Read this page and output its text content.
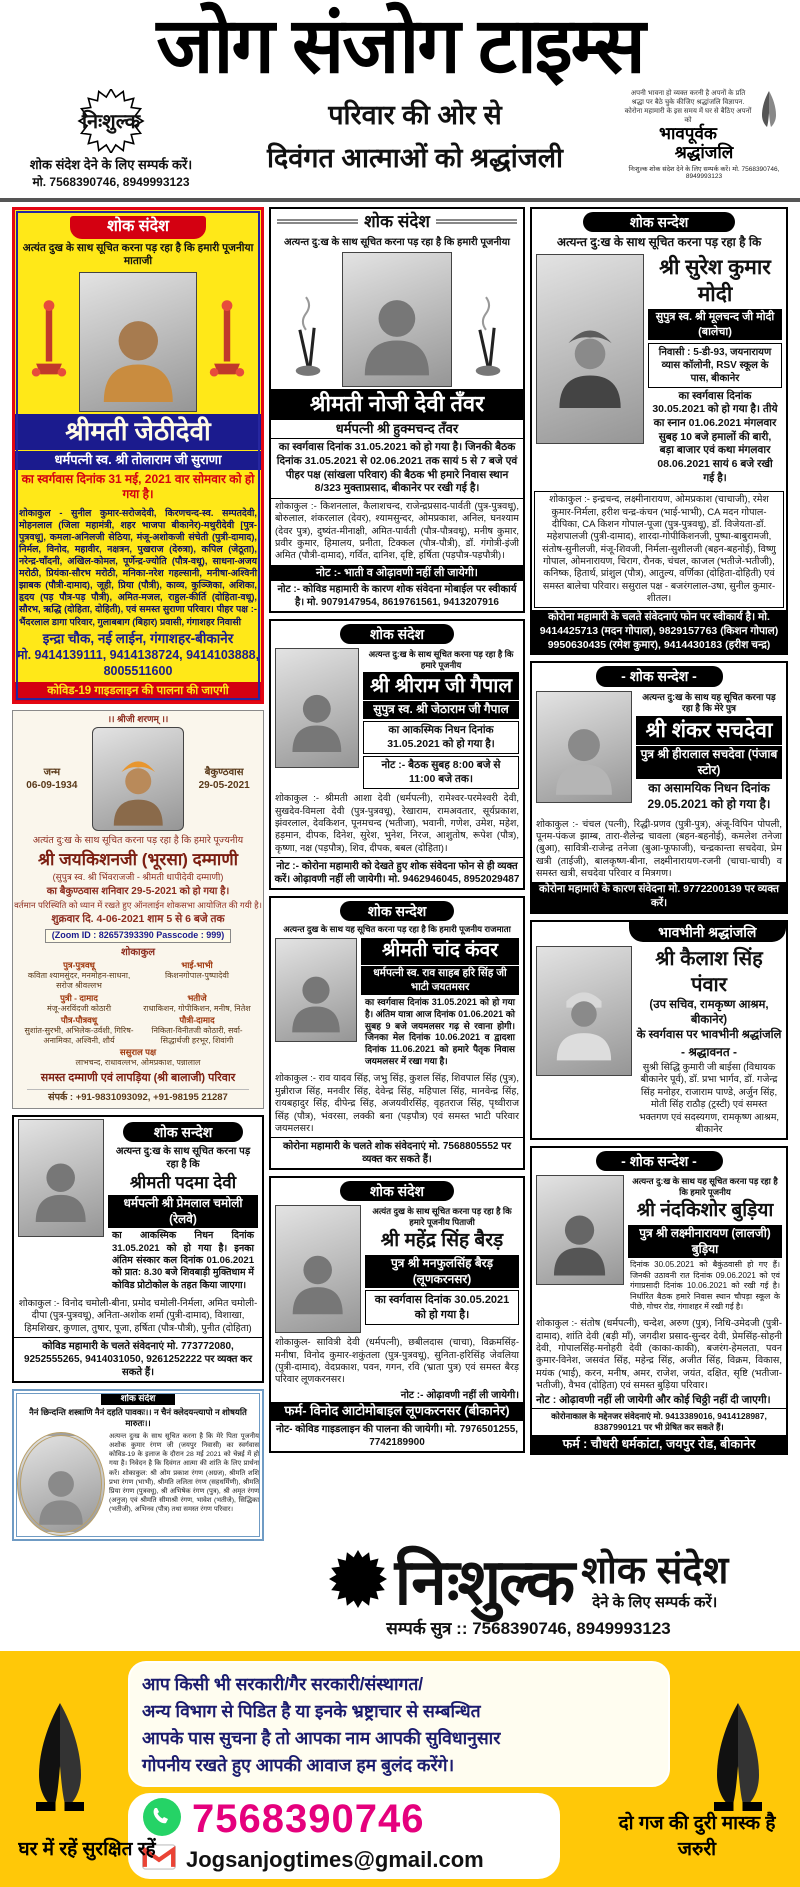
जोग संजोग टाइम्स
निःशुल्क
शोक संदेश देने के लिए सम्पर्क करें।
मो. 7568390746, 8949993123
परिवार की ओर से
दिवंगत आत्माओं को श्रद्धांजली
अपनी भावना हो व्यक्त करनी है अपनों के प्रति श्रद्धा पर बैठे चुके कीजिए श्रद्धांजलि विज्ञापन. कोरोना महामारी के इस समय में घर से बैठिए अपनों को
भावपूर्वक
श्रद्धांजलि
निःशुल्क शोक संदेश देने के लिए सम्पर्क करें। मो. 7568390746, 8949993123
शोक संदेश
अत्यंत दुख के साथ सूचित करना पड़ रहा है कि हमारी पूजनीया माताजी
श्रीमती जेठीदेवी
धर्मपत्नी स्व. श्री तोलाराम जी सुराणा
का स्वर्गवास दिनांक 31 मई, 2021 वार सोमवार को हो गया है।
शोकाकुल - सुनील कुमार-सरोजदेवी, किरणचन्द-स्व. सम्पतदेवी, मोहनलाल (जिला महामंत्री, शहर भाजपा बीकानेर)-मथुरीदेवी [पुत्र-पुत्रवधू], कमला-अनिलजी सेठिया, मंजू-अशोकजी संचेती (पुत्री-दामाद), निर्मल, विनोद, महावीर, नक्षत्रन, पुखराज (देरुत्रा), कपिल (जेठूता), नरेन्द्र-चाँदनी, अखिल-कोमल, पूर्णेन्द्र-ज्योति (पौत्र-वधू), साधना-अजय मरोठी, प्रियंका-सौरभ मरोठी, मनिका-नरेश गहल्सानी, मनीषा-अश्विनी झाबक (पौत्री-दामाद), जूही, प्रिया (पौत्री), काव्य, कुञ्जिका, अशिका, हृदय (पड़ पौत्र-पड़ पौत्री), अमित-मजल, राहुल-कीर्ति (दोहिता-वधू), सौरभ, ऋद्धि (दोहिता, दोहिती), एवं समस्त सुराणा परिवार। पीहर पक्ष :- भैंदरलाल डागा परिवार, गुलाबबाग (बिहार) प्रवासी, गंगाशहर निवासी
इन्द्रा चौक, नई लाईन, गंगाशहर-बीकानेर
मो. 9414139111, 9414138724, 9414103888, 8005511600
कोविड-19 गाइडलाइन की पालना की जाएगी
।। श्रीजी शरणम् ।।
जन्म
06-09-1934
बैकुण्ठवास
29-05-2021
अत्यंत दु:ख के साथ सूचित करना पड़ रहा है कि हमारे पूज्यनीय
श्री जयकिशनजी (भूरसा) दम्माणी
(सुपुत्र स्व. श्री भिंवराजजी - श्रीमती धापीदेवी दम्माणी)
का बैकुण्ठवास शनिवार 29-5-2021 को हो गया है।
वर्तमान परिस्थिति को ध्यान में रखते हुए ऑनलाईन शोकसभा आयोजित की गयी है।
शुक्रवार दि. 4-06-2021 शाम 5 से 6 बजे तक
(Zoom ID : 82657393390 Passcode : 999)
शोकाकुल
पुत्र-पुत्रवधू
कविता श्यामसुंदर, मनमोहन-साधना, सरोज श्रीवल्लभ
भाई-भाभी
किशनगोपाल-पुष्पादेवी
पुत्री - दामाद
मंजू-अरविंदजी कोठारी
भतीजे
राधाकिशन, गोपीकिशन, मनीष, नितेश
पौत्र-पौत्रवधू
सुशांत-सुरभी, अभिलेक-उर्वशी, गिरिष-अनामिका, अश्विनी, शौर्य
पौत्री-दामाद
निकिता-विनीतजी कोठारी, सर्वा-सिद्धार्थजी हरभूर, शिवांगी
ससुराल पक्ष
लाभचन्द, राधावल्लभ, ओमप्रकाश, पन्नालाल
समस्त दम्माणी एवं लापड़िया (श्री बालाजी) परिवार
संपर्क : +91-9831093092, +91-98195 21287
शोक सन्देश
अत्यन्त दु:ख के साथ सूचित करना पड़ रहा है कि
श्रीमती पदमा देवी
धर्मपत्नी श्री प्रेमलाल चमोली (रेलवे)
का आकस्मिक निधन दिनांक 31.05.2021 को हो गया है। इनका अंतिम संस्कार कल दिनांक 01.06.2021 को प्रात: 8.30 बजे शिवबाड़ी मुक्तिधाम में कोविड प्रोटोकोल के तहत किया जाएगा।
शोकाकुल :- विनोद चमोली-बीना, प्रमोद चमोली-निर्मला, अमित चमोली-दीपा (पुत्र-पुत्रवधू), अनिता-अशोक शर्मा (पुत्री-दामाद), विशाखा, हिमशिखर, कुणाल, तुषार, पूजा, हर्षिता (पौत्र-पौत्री), पुनीत (दोहिता)
कोविड महामारी के चलते संवेदनाएं मो. 773772080, 9252555265, 9414031050, 9261252222 पर व्यक्त कर सकते हैं।
शोक संदेश
नैनं छिन्दन्ति शस्त्राणि नैनं दहति पावकः।। न चैनं क्लेदयन्त्यापो न शोषयति मारुतः।।
अत्यन्त दुःख के साथ सूचित करना है कि मेरे पिता पूजनीय अशोक कुमार रंगण जी (जयपुर निवासी) का स्वर्गवास कोविड-19 के इलाज के दौरान 28 मई 2021 को चेन्नई में हो गया है। निवेदन है कि दिवंगत आत्मा की शांति के लिए प्रार्थना करें। शोकाकुल: श्री ओम प्रकाश रंगण (अग्रज), श्रीमति शशि प्रभा रंगण (भाभी), श्रीमति ललिता रंगण (सहधर्मिणी), श्रीमति प्रिया रंगण (पुत्रवधू), श्री अभिषेक रंगण (पुत्र), श्री अमृत रंगण (अनुज) एवं श्रीमति सीमाश्री रंगण, भावेश (भतीजे), सिद्धिका (भतीजी), अभिनव (पौत्र) तथा समस्त रंगण परिवार।
शोक संदेश
अत्यन्त दु:ख के साथ सूचित करना पड़ रहा है कि हमारी पूजनीया
श्रीमती नोजी देवी तँवर
धर्मपत्नी श्री हुक्मचन्द तँवर
का स्वर्गवास दिनांक 31.05.2021 को हो गया है। जिनकी बैठक दिनांक 31.05.2021 से 02.06.2021 तक सायं 5 से 7 बजे एवं पीहर पक्ष (सांखला परिवार) की बैठक भी हमारे निवास स्थान 8/323 मुक्ताप्रसाद, बीकानेर पर रखी गई है।
शोकाकुल :- किशनलाल, कैलाशचन्द, राजेन्द्रप्रसाद-पार्वती (पुत्र-पुत्रवधू), बोरुलाल, शंकरलाल (देवर), श्यामसुन्दर, ओमप्रकाश, अनिल, घनश्याम (देवर पुत्र), दुष्यंत-मीनाक्षी, अमित-पार्वती (पौत्र-पौत्रवधू), मनीष कुमार, प्रवीर कुमार, हिमालय, प्रनीता, टिक्कल (पौत्र-पौत्री), डॉ. गंगोत्री-इंजी अमित (पौत्री-दामाद), गर्वित, दानिश, दृष्टि, हर्षिता (पड़पौत्र-पड़पौत्री)।
नोट :- भाती व ओढ़ावणी नहीं ली जायेगी।
नोट :- कोविड महामारी के कारण शोक संवेदना मोबाईल पर स्वीकार्य है। मो. 9079147954, 8619761561, 9413207916
शोक संदेश
अत्यन्त दु:ख के साथ सूचित करना पड़ रहा है कि हमारे पूजनीय
श्री श्रीराम जी गैपाल
सुपुत्र स्व. श्री जेठाराम जी गैपाल
का आकस्मिक निधन दिनांक 31.05.2021 को हो गया है।
नोट :- बैठक सुबह 8:00 बजे से 11:00 बजे तक।
शोकाकुल :- श्रीमती आशा देवी (धर्मपत्नी), रामेश्वर-परमेश्वरी देवी, सुखदेव-विमला देवी (पुत्र-पुत्रवधू), रेखाराम, रामअवतार, सूर्यप्रकाश, झंवरलाल, देवकिशन, पूनमचन्द (भतीजा), भवानी, गणेश, उमेश, महेश, हड़मान, दीपक, दिनेश, सुरेश, भुनेश, निरज, आशुतोष, रूपेश (पौत्र), कृष्णा, नक्ष (पड़पौत्र), शिव, दीपक, बबल (दोहिता)।
नोट :- कोरोना महामारी को देखते हुए शोक संवेदना फोन से ही व्यक्त करें। ओढ़ावणी नहीं ली जायेगी। मो. 9462946045, 8952029487
शोक सन्देश
अत्यन्त दुख के साथ यह सूचित करना पड़ रहा है कि हमारी पूजनीय राजमाता
श्रीमती चांद कंवर
धर्मपत्नी स्व. राव साहब हरि सिंह जी भाटी जयतमसर
का स्वर्गवास दिनांक 31.05.2021 को हो गया है। अंतिम यात्रा आज दिनांक 01.06.2021 को सुबह 9 बजे जयमलसर गढ़ से रवाना होगी। जिनका मेल दिनांक 10.06.2021 व द्वादशा दिनांक 11.06.2021 को हमारे पैतृक निवास जयमलसर में रखा गया है।
शोकाकुल :- राव यादव सिंह, जभु सिंह, कुशल सिंह, शिवपाल सिंह (पुत्र), मुन्नीराज सिंह, मनवीर सिंह, देवेन्द्र सिंह, महिपाल सिंह, मानवेन्द्र सिंह, रायबहादुर सिंह, दीपेन्द्र सिंह, अजयवीरसिंह, वृहतराज सिंह, पृथ्वीराज सिंह (पौत्र), भंवरसा, लक्की बना (पड़पौत्र) एवं समस्त भाटी परिवार जयमलसर।
कोरोना महामारी के चलते शोक संवेदनाएं मो. 7568805552 पर व्यक्त कर सकते हैं।
शोक संदेश
अत्यंत दुख के साथ सूचित करना पड़ रहा है कि हमारे पूजनीय पिताजी
श्री महेंद्र सिंह बैरड़
पुत्र श्री मनफुलसिंह बैरड़ (लूणकरनसर)
का स्वर्गवास दिनांक 30.05.2021 को हो गया है।
शोकाकुल- सावित्री देवी (धर्मपत्नी), छबीलदास (चाचा), विक्रमसिंह-मनीषा, विनोद कुमार-शकुंतला (पुत्र-पुत्रवधू), सुनिता-हरिसिंह जेवलिया (पुत्री-दामाद), वेदप्रकाश, पवन, गगन, रवि (भ्राता पुत्र) एवं समस्त बैरड़ परिवार लूणकरनसर।
नोट :- ओढ़ावणी नहीं ली जायेगी।
फर्म- विनोद आटोमोबाइल लूणकरनसर (बीकानेर)
नोट- कोविड गाइडलाइन की पालना की जायेगी। मो. 7976501255, 7742189900
शोक सन्देश
अत्यन्त दु:ख के साथ सूचित करना पड़ रहा है कि
श्री सुरेश कुमार मोदी
सुपुत्र स्व. श्री मूलचन्द जी मोदी (बालेचा)
निवासी : 5-डी-93, जयनारायण व्यास कॉलोनी, RSV स्कूल के पास, बीकानेर
का स्वर्गवास दिनांक 30.05.2021 को हो गया है। तीये का स्नान 01.06.2021 मंगलवार सुबह 10 बजे हमालों की बारी, बड़ा बाजार एवं कथा मंगलवार 08.06.2021 सायं 6 बजे रखी गई है।
शोकाकुल :- इन्द्रचन्द, लक्ष्मीनारायण, ओमप्रकाश (चाचाजी), रमेश कुमार-निर्मला, हरीश चन्द्र-कंचन (भाई-भाभी), CA मदन गोपाल-दीपिका, CA किशन गोपाल-पूजा (पुत्र-पुत्रवधू), डॉ. विजेयता-डॉ. महेशपालजी (पुत्री-दामाद), शारदा-गोपीकिशनजी, पुष्पा-बाबुरामजी, संतोष-सुनीलजी, मंजू-शिवजी, निर्मला-सुशीलजी (बहन-बहनोई), विष्णु गोपाल, ओमनारायण, चिराग, रौनक, चंचल, काजल (भतीजे-भतीजी), कनिष्क, हितार्थ, प्रांशुल (पौत्र), आतुल्य, वर्णिका (दोहिता-दोहिती) एवं समस्त बालेचा परिवार। ससुराल पक्ष - बजरंगलाल-उषा, सुनील कुमार-शीतल।
कोरोना महामारी के चलते संवेदनाएं फोन पर स्वीकार्य है। मो. 9414425713 (मदन गोपाल), 9829157763 (किशन गोपाल) 9950630435 (रमेश कुमार), 9414430183 (हरीश चन्द्र)
- शोक सन्देश -
अत्यन्त दु:ख के साथ यह सूचित करना पड़ रहा है कि मेरे पुत्र
श्री शंकर सचदेवा
पुत्र श्री हीरालाल सचदेवा (पंजाब स्टोर)
का असामयिक निधन दिनांक 29.05.2021 को हो गया है।
शोकाकुल :- चंचल (पत्नी), रिद्धी-प्रणव (पुत्री-पुत्र), अंजू-विपिन पोपली, पूनम-पंकज झाम्ब, तारा-शैलेन्द्र चावला (बहन-बहनोई), कमलेश तनेजा (बुआ), सावित्री-राजेन्द्र तनेजा (बुआ-फूफाजी), चन्द्रकान्ता सचदेवा, प्रेम खत्री (ताईजी), बालकृष्ण-बीना, लक्ष्मीनारायण-रजनी (चाचा-चाची) व समस्त खत्री, सचदेवा परिवार व मित्रगण।
कोरोना महामारी के कारण संवेदना मो. 9772200139 पर व्यक्त करें।
भावभीनी श्रद्धांजलि
श्री कैलाश सिंह पंवार
(उप सचिव, रामकृष्ण आश्रम, बीकानेर)
के स्वर्गवास पर भावभीनी श्रद्धांजलि
- श्रद्धावनत -
सुश्री सिद्धि कुमारी जी बाईसा (विधायक बीकानेर पूर्व), डॉ. प्रभा भार्गव, डॉ. गजेन्द्र सिंह मनोहर, राजाराम पाण्डे, अर्जुन सिंह, मोती सिंह राठौड़ (ट्रस्टी) एवं समस्त भक्तगण एवं सदस्यगण, रामकृष्ण आश्रम, बीकानेर
- शोक सन्देश -
अत्यन्त दु:ख के साथ यह सूचित करना पड़ रहा है कि हमारे पूजनीय
श्री नंदकिशोर बुड़िया
पुत्र श्री लक्ष्मीनारायण (लालजी) बुड़िया
दिनांक 30.05.2021 को बैकुंठवासी हो गए हैं। जिनकी उठावनी रात दिनांक 09.06.2021 को एवं गंगाप्रसादी दिनांक 10.06.2021 को रखी गई है। निर्धारित बैठक हमारे निवास स्थान चौपड़ा स्कूल के पीछे, गोचर रोड, गंगाशहर में रखी गई है।
शोकाकुल :- संतोष (धर्मपत्नी), चन्देश, अरुण (पुत्र), निधि-उमेदजी (पुत्री-दामाद), शांति देवी (बड़ी माँ), जगदीश प्रसाद-सुन्दर देवी, प्रेमसिंह-सोहनी देवी, गोपालसिंह-मनोहरी देवी (काका-काकी), बजरंग-हेमलता, पवन कुमार-विनेश, जसवंत सिंह, महेन्द्र सिंह, अजीत सिंह, विक्रम, विकास, मयंक (भाई), करन, मनीष, अमर, राजेश, जयंत, दक्षित, सृष्टि (भतीजा-भतीजी), वैभव (दोहिता) एवं समस्त बुड़िया परिवार।
नोट : ओढ़ावणी नहीं ली जायेगी और कोई चिठ्ठी नहीं दी जाएगी।
कोरोनाकाल के मद्देनजर संवेदनाएं मो. 9413389016, 9414128987, 8387990121 पर भी प्रेषित कर सकते हैं।
फर्म : चौधरी धर्मकांटा, जयपुर रोड, बीकानेर
निःशुल्क शोक संदेश
देने के लिए सम्पर्क करें।
सम्पर्क सुत्र :: 7568390746, 8949993123
आप किसी भी सरकारी/गैर सरकारी/संस्थागत/
अन्य विभाग से पिडित है या इनके भ्रष्ट्राचार से सम्बन्धित
आपके पास सुचना है तो आपका नाम आपकी सुविधानुसार
गोपनीय रखते हुए आपकी आवाज हम बुलंद करेंगे।
7568390746
Jogsanjogtimes@gmail.com
घर में रहें सुरक्षित रहें
दो गज की दुरी मास्क है जरुरी
